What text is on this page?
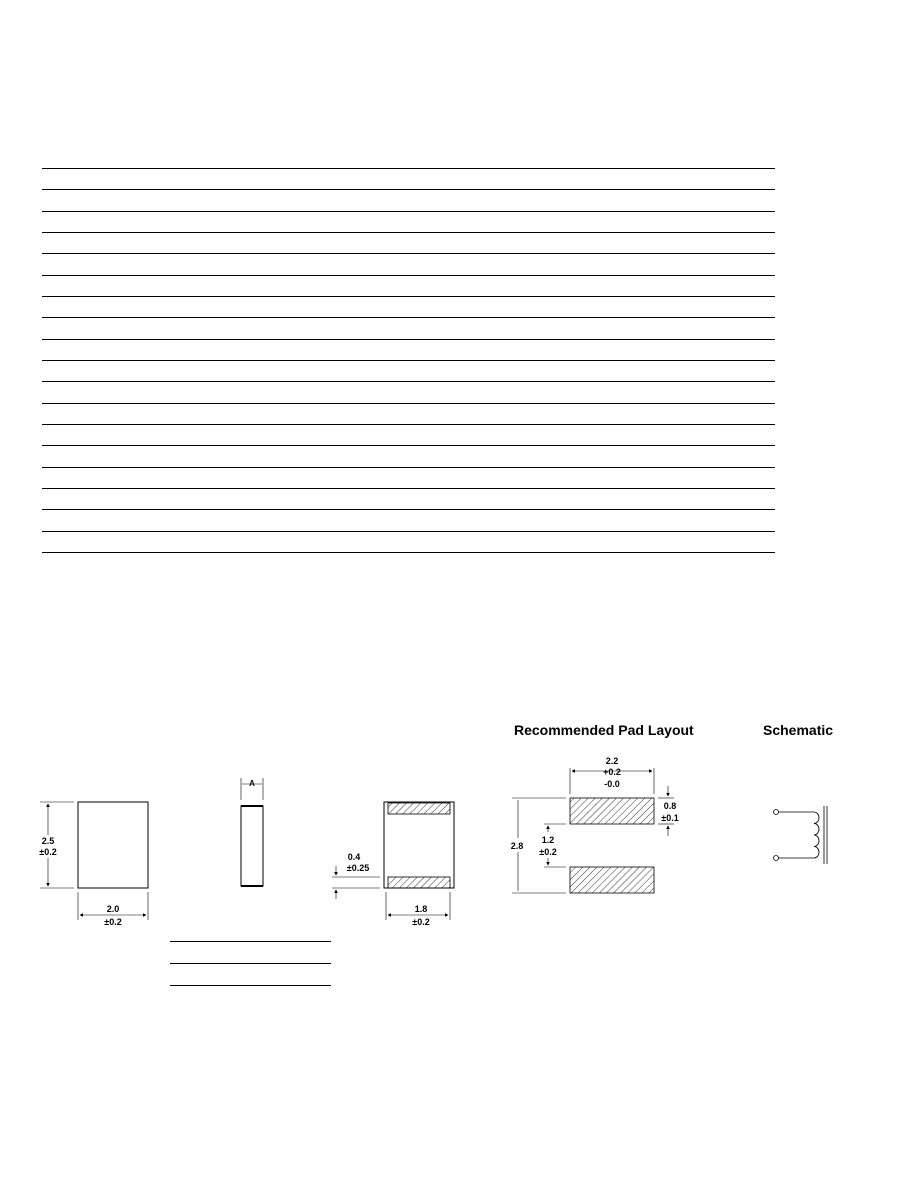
Recommended Pad Layout	Schematic
2.5
±0.2
2.0
±0.2
A
0.4
±0.25
1.8
±0.2
2.2
+0.2
-0.0
0.8
±0.1
1.2
±0.2
2.8
